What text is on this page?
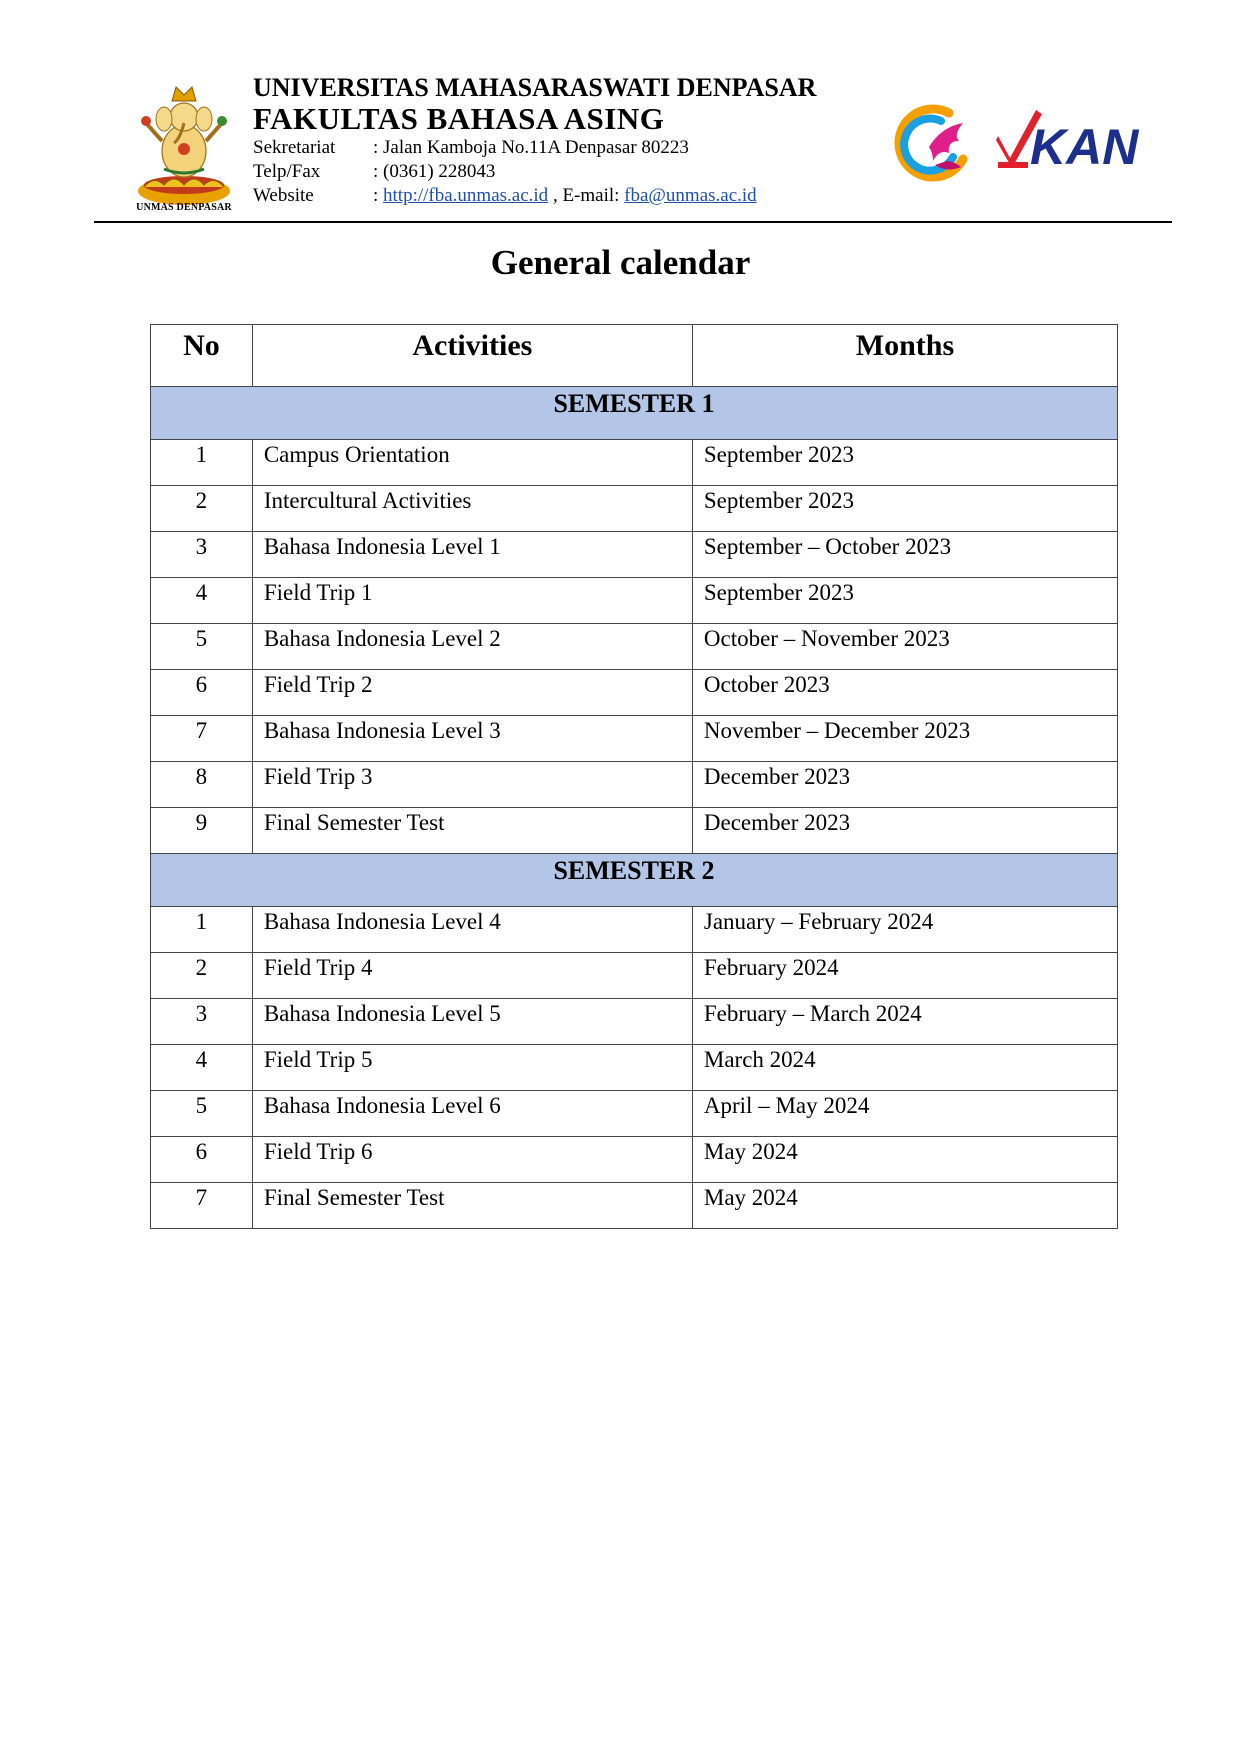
UNMAS DENPASAR
UNIVERSITAS MAHASARASWATI DENPASAR
FAKULTAS BAHASA ASING
Sekretariat : Jalan Kamboja No.11A Denpasar 80223
Telp/Fax	: (0361) 228043
Website	: http://fba.unmas.ac.id , E-mail: fba@unmas.ac.id
KAN
General calendar
No	Activities	Months
SEMESTER 1		
1	Campus Orientation	September 2023
2	Intercultural Activities	September 2023
3	Bahasa Indonesia Level 1	September – October 2023
4	Field Trip 1	September 2023
5	Bahasa Indonesia Level 2	October – November 2023
6	Field Trip 2	October 2023
7	Bahasa Indonesia Level 3	November – December 2023
8	Field Trip 3	December 2023
9	Final Semester Test	December 2023
SEMESTER 2		
1	Bahasa Indonesia Level 4	January – February 2024
2	Field Trip 4	February 2024
3	Bahasa Indonesia Level 5	February – March 2024
4	Field Trip 5	March 2024
5	Bahasa Indonesia Level 6	April – May 2024
6	Field Trip 6	May 2024
7	Final Semester Test	May 2024
